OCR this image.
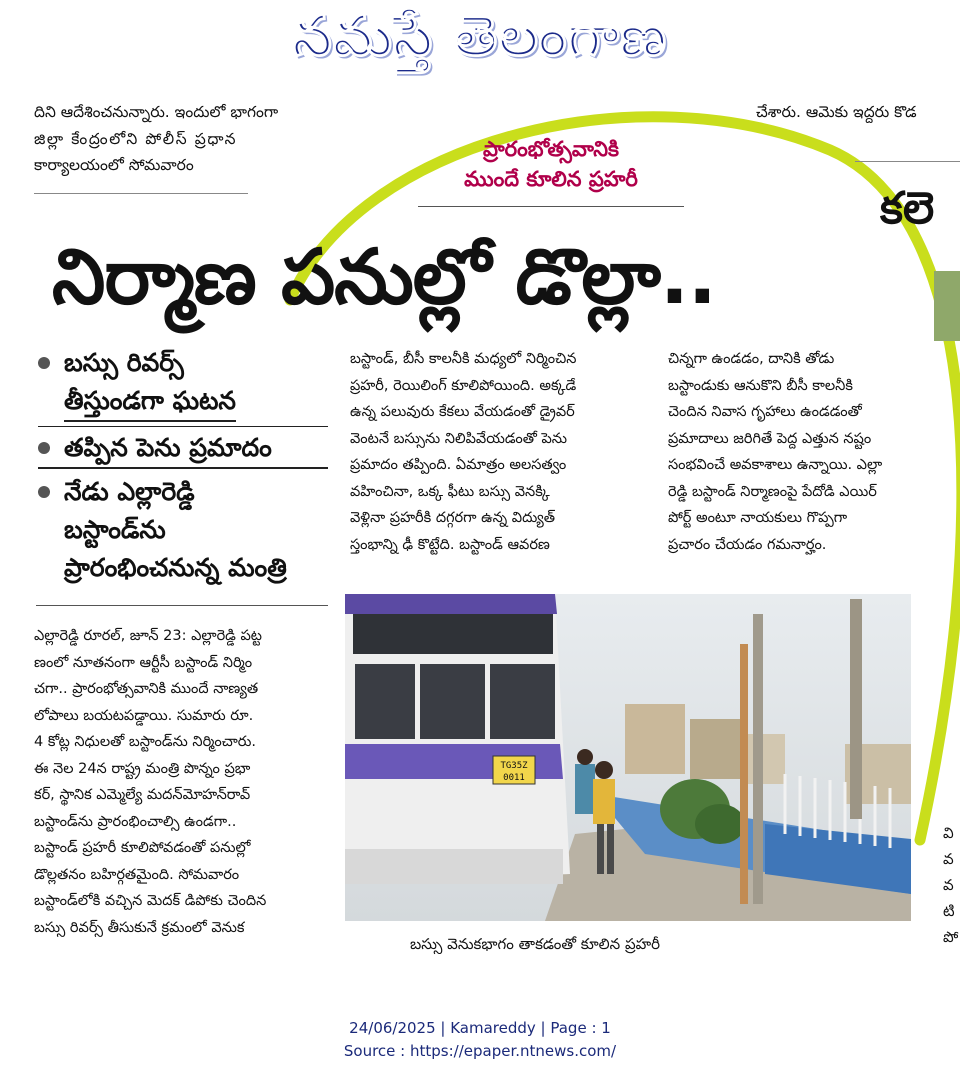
నమస్తే తెలంగాణ
దిని ఆదేశించనున్నారు. ఇందులో భాగంగా
జిల్లా కేంద్రంలోని పోలీస్ ప్రధాన
కార్యాలయంలో సోమవారం
చేశారు. ఆమెకు ఇద్దరు కొడ
కలె
వి
వ
వ
టి
పో
ప్రారంభోత్సవానికి
ముందే కూలిన ప్రహరీ
నిర్మాణ పనుల్లో డొల్లా..
బస్సు రివర్స్
తీస్తుండగా ఘటన
తప్పిన పెను ప్రమాదం
నేడు ఎల్లారెడ్డి
బస్టాండ్‌ను
ప్రారంభించనున్న మంత్రి
ఎల్లారెడ్డి రూరల్, జూన్ 23: ఎల్లారెడ్డి పట్ట
ణంలో నూతనంగా ఆర్టీసీ బస్టాండ్ నిర్మిం
చగా.. ప్రారంభోత్సవానికి ముందే నాణ్యత
లోపాలు బయటపడ్డాయి. సుమారు రూ.
4 కోట్ల నిధులతో బస్టాండ్‌ను నిర్మించారు.
ఈ నెల 24న రాష్ట్ర మంత్రి పొన్నం ప్రభా
కర్, స్థానిక ఎమ్మెల్యే మదన్‌మోహన్‌రావ్
బస్టాండ్‌ను ప్రారంభించాల్సి ఉండగా..
బస్టాండ్ ప్రహరీ కూలిపోవడంతో పనుల్లో
డొల్లతనం బహిర్గతమైంది. సోమవారం
బస్టాండ్‌లోకి వచ్చిన మెదక్ డిపోకు చెందిన
బస్సు రివర్స్ తీసుకునే క్రమంలో వెనుక
బస్టాండ్, బీసీ కాలనీకి మధ్యలో నిర్మించిన
ప్రహరీ, రెయిలింగ్ కూలిపోయింది. అక్కడే
ఉన్న పలువురు కేకలు వేయడంతో డ్రైవర్
వెంటనే బస్సును నిలిపివేయడంతో పెను
ప్రమాదం తప్పింది. ఏమాత్రం అలసత్వం
వహించినా, ఒక్క ఫీటు బస్సు వెనక్కి
వెళ్లినా ప్రహరీకి దగ్గరగా ఉన్న విద్యుత్
స్తంభాన్ని ఢీ కొట్టేది. బస్టాండ్ ఆవరణ
చిన్నగా ఉండడం, దానికి తోడు
బస్టాండుకు ఆనుకొని బీసీ కాలనీకి
చెందిన నివాస గృహాలు ఉండడంతో
ప్రమాదాలు జరిగితే పెద్ద ఎత్తున నష్టం
సంభవించే అవకాశాలు ఉన్నాయి. ఎల్లా
రెడ్డి బస్టాండ్ నిర్మాణంపై పేదోడి ఎయిర్
పోర్ట్ అంటూ నాయకులు గొప్పగా
ప్రచారం చేయడం గమనార్హం.
TG35Z
0011
బస్సు వెనుకభాగం తాకడంతో కూలిన ప్రహరీ
24/06/2025 | Kamareddy | Page : 1
Source : https://epaper.ntnews.com/
